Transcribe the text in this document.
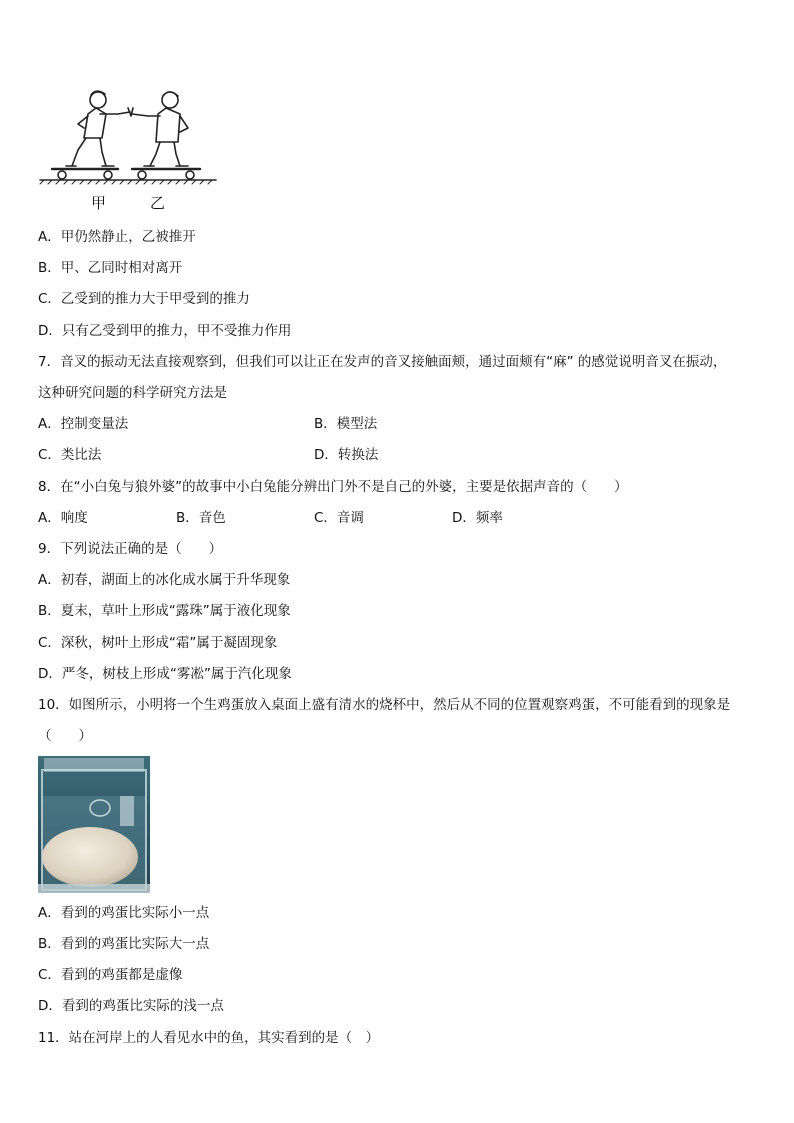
甲	乙
A．甲仍然静止，乙被推开
B．甲、乙同时相对离开
C．乙受到的推力大于甲受到的推力
D．只有乙受到甲的推力，甲不受推力作用
7．音叉的振动无法直接观察到，但我们可以让正在发声的音叉接触面颊，通过面颊有“麻” 的感觉说明音叉在振动，
这种研究问题的科学研究方法是
A．控制变量法	B．模型法
C．类比法	D．转换法
8．在“小白兔与狼外婆”的故事中小白兔能分辨出门外不是自己的外婆，主要是依据声音的（　　）
A．响度	B．音色	C．音调	D．频率
9．下列说法正确的是（　　）
A．初春，湖面上的冰化成水属于升华现象
B．夏末，草叶上形成“露珠”属于液化现象
C．深秋，树叶上形成“霜”属于凝固现象
D．严冬，树枝上形成“雾凇”属于汽化现象
10．如图所示，小明将一个生鸡蛋放入桌面上盛有清水的烧杯中，然后从不同的位置观察鸡蛋，不可能看到的现象是
（　　）
A．看到的鸡蛋比实际小一点
B．看到的鸡蛋比实际大一点
C．看到的鸡蛋都是虚像
D．看到的鸡蛋比实际的浅一点
11．站在河岸上的人看见水中的鱼，其实看到的是（　）
